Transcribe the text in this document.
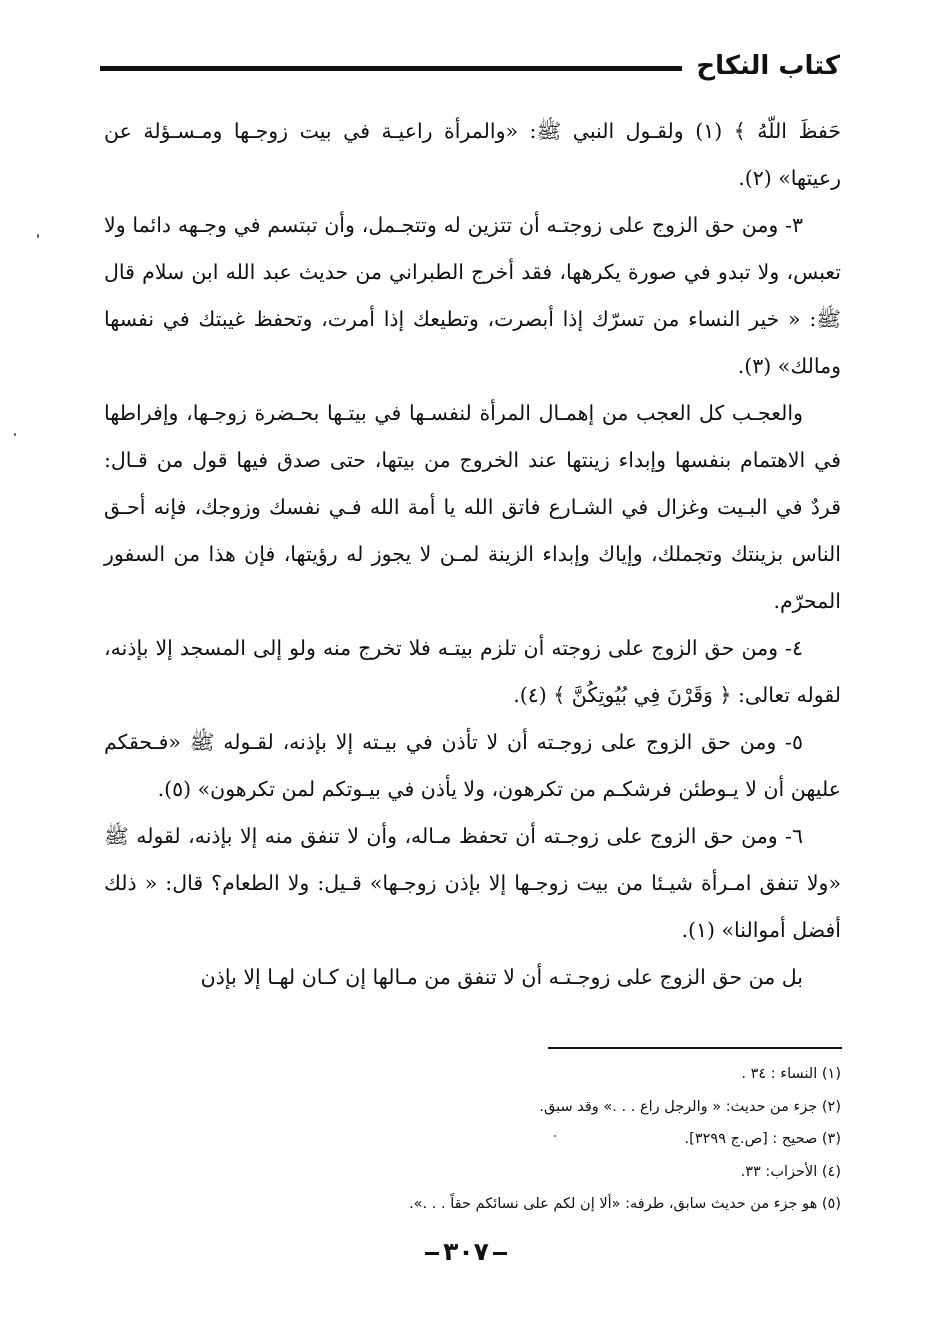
كتاب النكاح

حَفظَ اللّهُ ﴾ (١) ولقـول النبي ﷺ: «والمرأة راعيـة في بيت زوجـها ومـسـؤلة عن رعيتها» (٢).

٣- ومن حق الزوج على زوجتـه أن تتزين له وتتجـمل، وأن تبتسم في وجـهه دائما ولا تعبس، ولا تبدو في صورة يكرهها، فقد أخرج الطبراني من حديث عبد الله ابن سلام قال ﷺ: « خير النساء من تسرّك إذا أبصرت، وتطيعك إذا أمرت، وتحفظ غيبتك في نفسها ومالك» (٣).

والعجـب كل العجب من إهمـال المرأة لنفسـها في بيتـها بحـضرة زوجـها، وإفراطها في الاهتمام بنفسها وإبداء زينتها عند الخروج من بيتها، حتى صدق فيها قول من قـال: قردٌ في البـيت وغزال في الشـارع فاتق الله يا أمة الله فـي نفسك وزوجك، فإنه أحـق الناس بزينتك وتجملك، وإياك وإبداء الزينة لمـن لا يجوز له رؤيتها، فإن هذا من السفور المحرّم.

٤- ومن حق الزوج على زوجته أن تلزم بيتـه فلا تخرج منه ولو إلى المسجد إلا بإذنه، لقوله تعالى: ﴿ وَقَرْنَ فِي بُيُوتِكُنَّ ﴾ (٤).

٥- ومن حق الزوج على زوجـته أن لا تأذن في بيـته إلا بإذنه، لقـوله ﷺ «فـحقكم عليهن أن لا يـوطئن فرشكـم من تكرهون، ولا يأذن في بيـوتكم لمن تكرهون» (٥).

٦- ومن حق الزوج على زوجـته أن تحفظ مـاله، وأن لا تنفق منه إلا بإذنه، لقوله ﷺ «ولا تنفق امـرأة شيـئا من بيت زوجـها إلا بإذن زوجـها» قـيل: ولا الطعام؟ قال: « ذلك أفضل أموالنا» (١).

بل من حق الزوج على زوجـتـه أن لا تنفق من مـالها إن كـان لهـا إلا بإذن

(١) النساء : ٣٤ .
(٢) جزء من حديث: « والرجل راع . . .» وقد سبق.
(٣) صحيح : [ص.ج ٣٢٩٩].
(٤) الأحزاب: ٣٣.
(٥) هو جزء من حديث سابق، طرفه: «ألا إن لكم على نسائكم حقاً . . .».
٣٠٧
